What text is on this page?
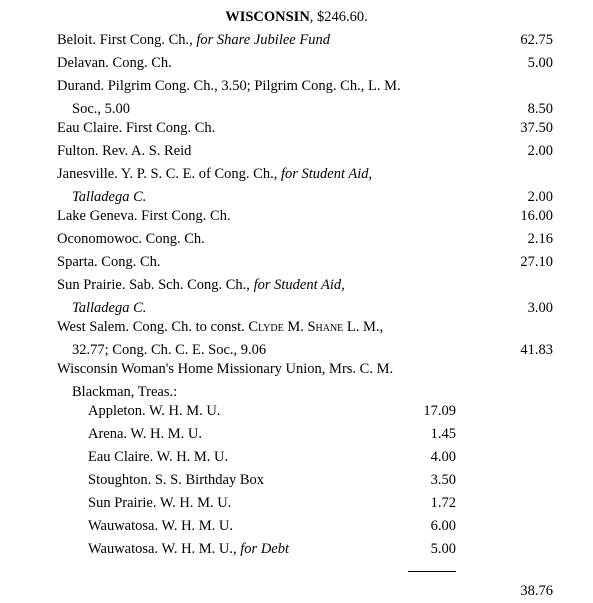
WISCONSIN, $246.60.
Beloit. First Cong. Ch., for Share Jubilee Fund	62.75
Delavan. Cong. Ch.	5.00
Durand. Pilgrim Cong. Ch., 3.50; Pilgrim Cong. Ch., L. M.
Soc., 5.00	8.50
Eau Claire. First Cong. Ch.	37.50
Fulton. Rev. A. S. Reid	2.00
Janesville. Y. P. S. C. E. of Cong. Ch., for Student Aid,
Talladega C.	2.00
Lake Geneva. First Cong. Ch.	16.00
Oconomowoc. Cong. Ch.	2.16
Sparta. Cong. Ch.	27.10
Sun Prairie. Sab. Sch. Cong. Ch., for Student Aid,
Talladega C.	3.00
West Salem. Cong. Ch. to const. Clyde M. Shane L. M.,
32.77; Cong. Ch. C. E. Soc., 9.06	41.83
Wisconsin Woman's Home Missionary Union, Mrs. C. M.
Blackman, Treas.:
Appleton. W. H. M. U.	17.09
Arena. W. H. M. U.	1.45
Eau Claire. W. H. M. U.	4.00
Stoughton. S. S. Birthday Box	3.50
Sun Prairie. W. H. M. U.	1.72
Wauwatosa. W. H. M. U.	6.00
Wauwatosa. W. H. M. U., for Debt	5.00
38.76
